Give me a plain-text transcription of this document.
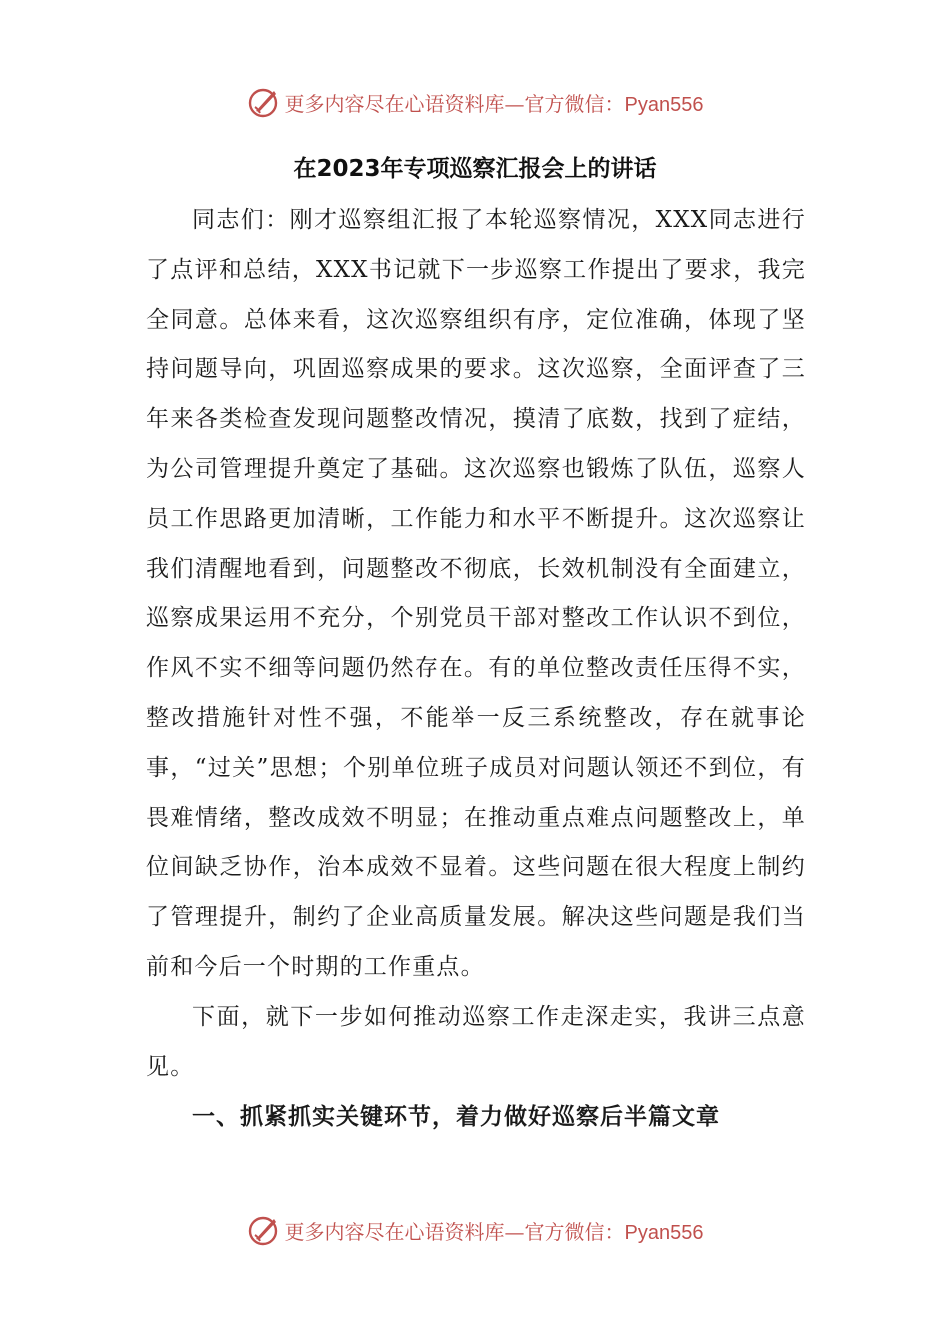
更多内容尽在心语资料库—官方微信：Pyan556
在2023年专项巡察汇报会上的讲话

同志们：刚才巡察组汇报了本轮巡察情况，XXX同志进行了点评和总结，XXX书记就下一步巡察工作提出了要求，我完全同意。总体来看，这次巡察组织有序，定位准确，体现了坚持问题导向，巩固巡察成果的要求。这次巡察，全面评查了三年来各类检查发现问题整改情况，摸清了底数，找到了症结，为公司管理提升奠定了基础。这次巡察也锻炼了队伍，巡察人员工作思路更加清晰，工作能力和水平不断提升。这次巡察让我们清醒地看到，问题整改不彻底，长效机制没有全面建立，巡察成果运用不充分，个别党员干部对整改工作认识不到位，作风不实不细等问题仍然存在。有的单位整改责任压得不实，整改措施针对性不强，不能举一反三系统整改，存在就事论事，“过关”思想；个别单位班子成员对问题认领还不到位，有畏难情绪，整改成效不明显；在推动重点难点问题整改上，单位间缺乏协作，治本成效不显着。这些问题在很大程度上制约了管理提升，制约了企业高质量发展。解决这些问题是我们当前和今后一个时期的工作重点。

下面，就下一步如何推动巡察工作走深走实，我讲三点意见。

一、抓紧抓实关键环节，着力做好巡察后半篇文章

更多内容尽在心语资料库—官方微信：Pyan556
